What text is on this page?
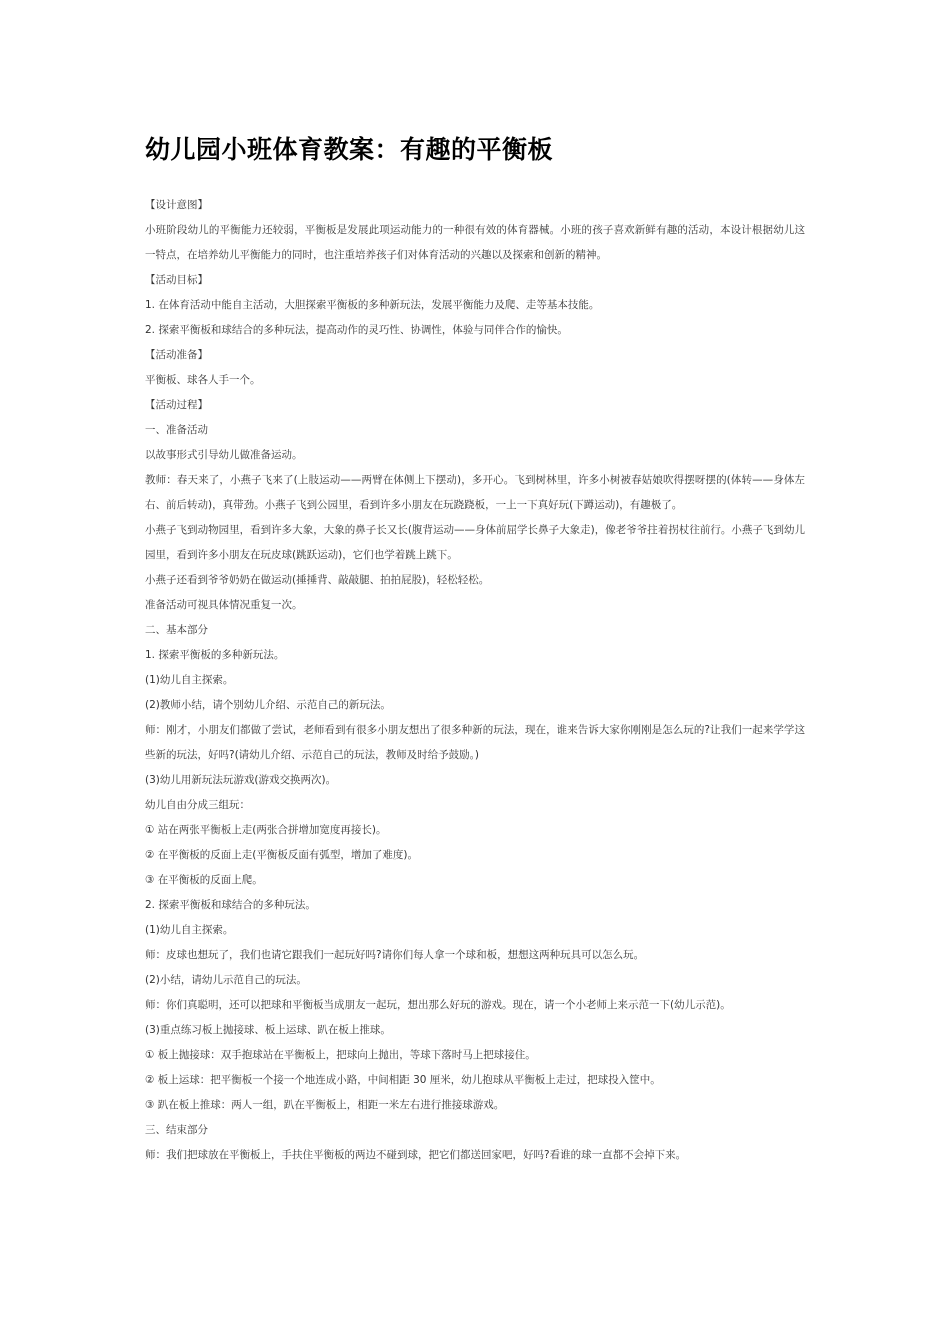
幼儿园小班体育教案：有趣的平衡板

【设计意图】

小班阶段幼儿的平衡能力还较弱，平衡板是发展此项运动能力的一种很有效的体育器械。小班的孩子喜欢新鲜有趣的活动，本设计根据幼儿这一特点，在培养幼儿平衡能力的同时，也注重培养孩子们对体育活动的兴趣以及探索和创新的精神。

【活动目标】

1. 在体育活动中能自主活动，大胆探索平衡板的多种新玩法，发展平衡能力及爬、走等基本技能。

2. 探索平衡板和球结合的多种玩法，提高动作的灵巧性、协调性，体验与同伴合作的愉快。

【活动准备】

平衡板、球各人手一个。

【活动过程】

一、准备活动

以故事形式引导幼儿做准备运动。

教师：春天来了，小燕子飞来了(上肢运动——两臂在体侧上下摆动)，多开心。飞到树林里，许多小树被春姑娘吹得摆呀摆的(体转——身体左右、前后转动)，真带劲。小燕子飞到公园里，看到许多小朋友在玩跷跷板，一上一下真好玩(下蹲运动)，有趣极了。

小燕子飞到动物园里，看到许多大象，大象的鼻子长又长(腹背运动——身体前屈学长鼻子大象走)，像老爷爷拄着拐杖往前行。小燕子飞到幼儿园里，看到许多小朋友在玩皮球(跳跃运动)，它们也学着跳上跳下。

小燕子还看到爷爷奶奶在做运动(捶捶背、敲敲腿、拍拍屁股)，轻松轻松。

准备活动可视具体情况重复一次。

二、基本部分

1. 探索平衡板的多种新玩法。

(1)幼儿自主探索。

(2)教师小结，请个别幼儿介绍、示范自己的新玩法。

师：刚才，小朋友们都做了尝试，老师看到有很多小朋友想出了很多种新的玩法，现在，谁来告诉大家你刚刚是怎么玩的?让我们一起来学学这些新的玩法，好吗?(请幼儿介绍、示范自己的玩法，教师及时给予鼓励。)

(3)幼儿用新玩法玩游戏(游戏交换两次)。

幼儿自由分成三组玩：

① 站在两张平衡板上走(两张合拼增加宽度再接长)。

② 在平衡板的反面上走(平衡板反面有弧型，增加了难度)。

③ 在平衡板的反面上爬。

2. 探索平衡板和球结合的多种玩法。

(1)幼儿自主探索。

师：皮球也想玩了，我们也请它跟我们一起玩好吗?请你们每人拿一个球和板，想想这两种玩具可以怎么玩。

(2)小结，请幼儿示范自己的玩法。

师：你们真聪明，还可以把球和平衡板当成朋友一起玩，想出那么好玩的游戏。现在，请一个小老师上来示范一下(幼儿示范)。

(3)重点练习板上抛接球、板上运球、趴在板上推球。

① 板上抛接球：双手抱球站在平衡板上，把球向上抛出，等球下落时马上把球接住。

② 板上运球：把平衡板一个接一个地连成小路，中间相距 30 厘米，幼儿抱球从平衡板上走过，把球投入筐中。

③ 趴在板上推球：两人一组，趴在平衡板上，相距一米左右进行推接球游戏。

三、结束部分

师：我们把球放在平衡板上，手扶住平衡板的两边不碰到球，把它们都送回家吧，好吗?看谁的球一直都不会掉下来。
